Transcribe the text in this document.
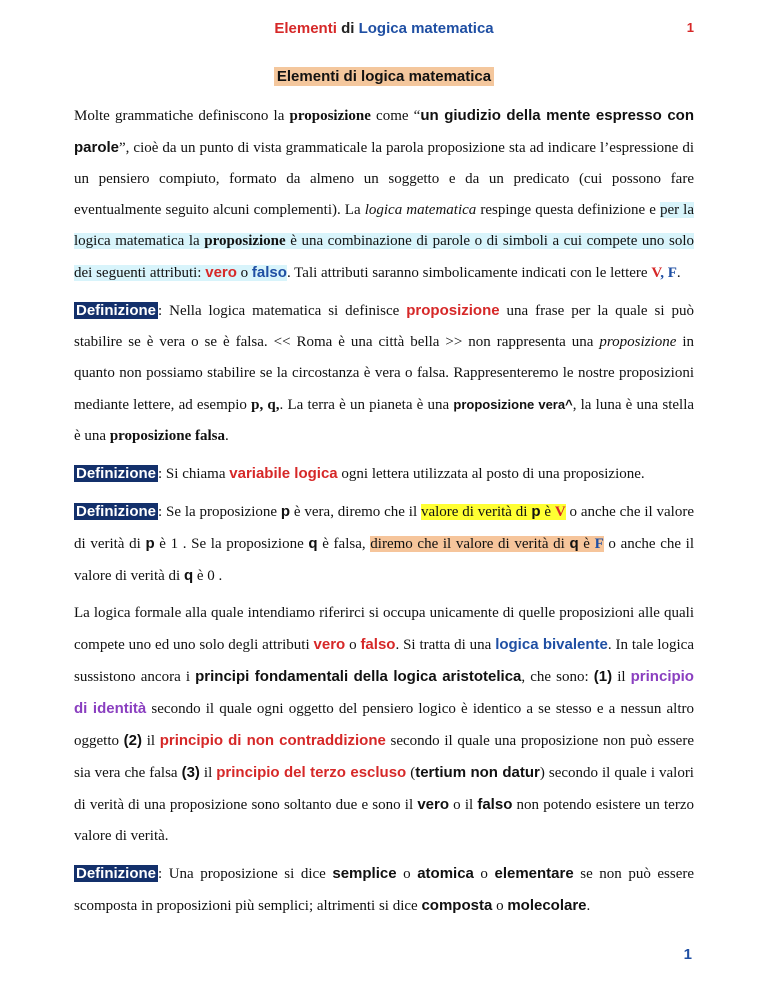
Elementi di Logica matematica	1
Elementi di logica matematica

Molte grammatiche definiscono la proposizione come “un giudizio della mente espresso con parole”, cioè da un punto di vista grammaticale la parola proposizione sta ad indicare l’espressione di un pensiero compiuto, formato da almeno un soggetto e da un predicato (cui possono fare eventualmente seguito alcuni complementi). La logica matematica respinge questa definizione e per la logica matematica la proposizione è una combinazione di parole o di simboli a cui compete uno solo dei seguenti attributi: vero o falso. Tali attributi saranno simbolicamente indicati con le lettere V, F.

Definizione : Nella logica matematica si definisce proposizione una frase per la quale si può stabilire se è vera o se è falsa. << Roma è una città bella >> non rappresenta una proposizione in quanto non possiamo stabilire se la circostanza è vera o falsa. Rappresenteremo le nostre proposizioni mediante lettere, ad esempio p, q,. La terra è un pianeta è una proposizione vera^, la luna è una stella è una proposizione falsa.

Definizione : Si chiama variabile logica ogni lettera utilizzata al posto di una proposizione.

Definizione : Se la proposizione p è vera, diremo che il valore di verità di p è V o anche che il valore di verità di p è 1 . Se la proposizione q è falsa, diremo che il valore di verità di q è F o anche che il valore di verità di q è 0 .

La logica formale alla quale intendiamo riferirci si occupa unicamente di quelle proposizioni alle quali compete uno ed uno solo degli attributi vero o falso. Si tratta di una logica bivalente. In tale logica sussistono ancora i principi fondamentali della logica aristotelica, che sono: (1) il principio di identità secondo il quale ogni oggetto del pensiero logico è identico a se stesso e a nessun altro oggetto (2) il principio di non contraddizione secondo il quale una proposizione non può essere sia vera che falsa (3) il principio del terzo escluso (tertium non datur) secondo il quale i valori di verità di una proposizione sono soltanto due e sono il vero o il falso non potendo esistere un terzo valore di verità.

Definizione : Una proposizione si dice semplice o atomica o elementare se non può essere scomposta in proposizioni più semplici; altrimenti si dice composta o molecolare.

1
